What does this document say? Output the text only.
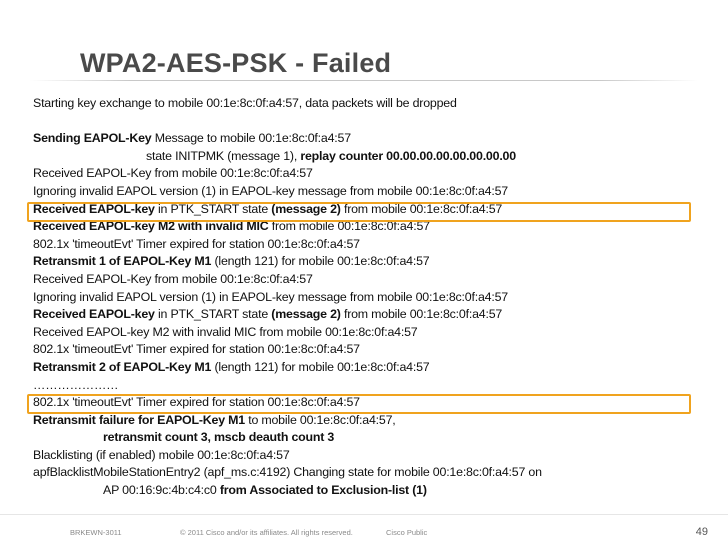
WPA2-AES-PSK - Failed
Starting key exchange to mobile 00:1e:8c:0f:a4:57, data packets will be dropped
Sending EAPOL-Key Message to mobile 00:1e:8c:0f:a4:57
state INITPMK (message 1), replay counter 00.00.00.00.00.00.00.00
Received EAPOL-Key from mobile 00:1e:8c:0f:a4:57
Ignoring invalid EAPOL version (1) in EAPOL-key message from mobile 00:1e:8c:0f:a4:57
Received EAPOL-key in PTK_START state (message 2) from mobile 00:1e:8c:0f:a4:57
Received EAPOL-key M2 with invalid MIC from mobile 00:1e:8c:0f:a4:57
802.1x 'timeoutEvt' Timer expired for station 00:1e:8c:0f:a4:57
Retransmit 1 of EAPOL-Key M1 (length 121) for mobile 00:1e:8c:0f:a4:57
Received EAPOL-Key from mobile 00:1e:8c:0f:a4:57
Ignoring invalid EAPOL version (1) in EAPOL-key message from mobile 00:1e:8c:0f:a4:57
Received EAPOL-key in PTK_START state (message 2) from mobile 00:1e:8c:0f:a4:57
Received EAPOL-key M2 with invalid MIC from mobile 00:1e:8c:0f:a4:57
802.1x 'timeoutEvt' Timer expired for station 00:1e:8c:0f:a4:57
Retransmit 2 of EAPOL-Key M1 (length 121) for mobile 00:1e:8c:0f:a4:57
…………………
802.1x 'timeoutEvt' Timer expired for station 00:1e:8c:0f:a4:57
Retransmit failure for EAPOL-Key M1 to mobile 00:1e:8c:0f:a4:57,
retransmit count 3, mscb deauth count 3
Blacklisting (if enabled) mobile 00:1e:8c:0f:a4:57
apfBlacklistMobileStationEntry2 (apf_ms.c:4192) Changing state for mobile 00:1e:8c:0f:a4:57 on
AP 00:16:9c:4b:c4:c0 from Associated to Exclusion-list (1)
BRKEWN-3011	© 2011 Cisco and/or its affiliates. All rights reserved.	Cisco Public	49
